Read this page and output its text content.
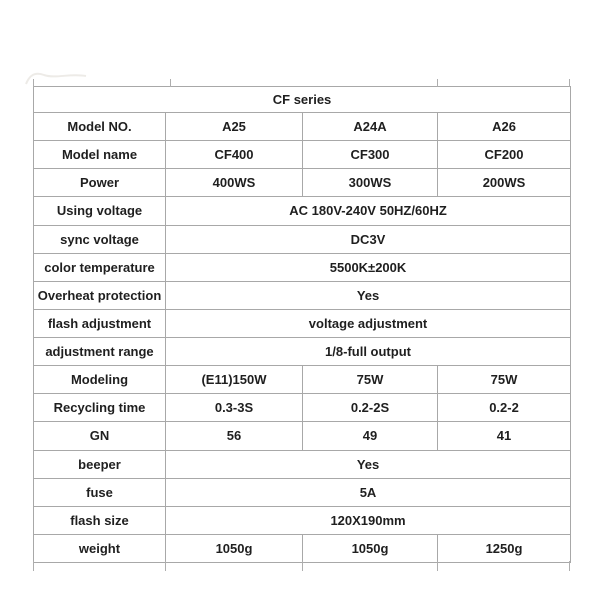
CF series			
Model NO.	A25	A24A	A26
Model name	CF400	CF300	CF200
Power	400WS	300WS	200WS
Using voltage	AC 180V-240V 50HZ/60HZ		
sync voltage	DC3V		
color temperature	5500K±200K		
Overheat protection	Yes		
flash adjustment	voltage adjustment		
adjustment range	1/8-full output		
Modeling	(E11)150W	75W	75W
Recycling time	0.3-3S	0.2-2S	0.2-2
GN	56	49	41
beeper	Yes		
fuse	5A		
flash size	120X190mm		
weight	1050g	1050g	1250g
